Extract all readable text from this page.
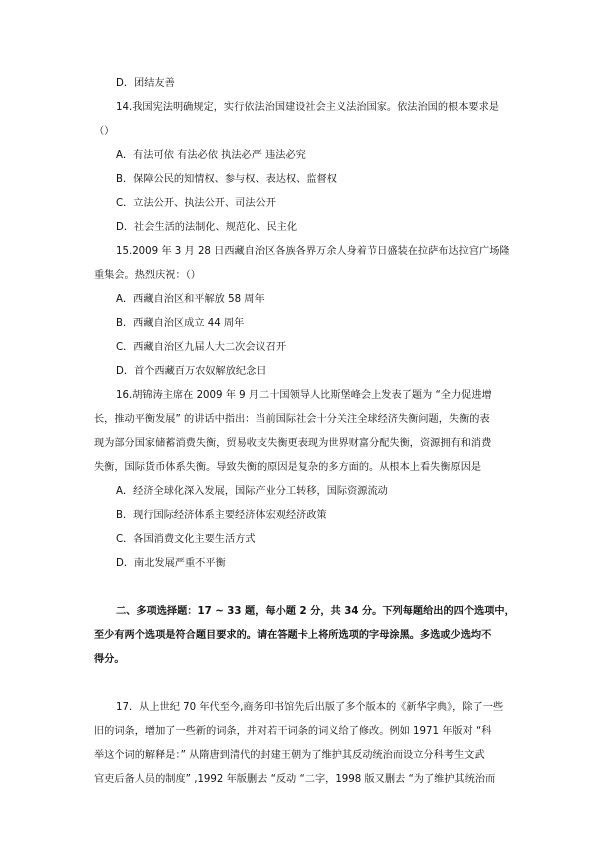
D．团结友善
14.我国宪法明确规定，实行依法治国建设社会主义法治国家。依法治国的根本要求是
（）
A．有法可依 有法必依 执法必严 违法必究
B．保障公民的知情权、参与权、表达权、监督权
C．立法公开、执法公开、司法公开
D．社会生活的法制化、规范化、民主化
15.2009 年 3 月 28 日西藏自治区各族各界万余人身着节日盛装在拉萨布达拉宫广场隆
重集会。热烈庆祝：（）
A．西藏自治区和平解放 58 周年
B．西藏自治区成立 44 周年
C．西藏自治区九届人大二次会议召开
D．首个西藏百万农奴解放纪念日
16.胡锦涛主席在 2009 年 9 月二十国领导人比斯堡峰会上发表了题为 “全力促进增
长，推动平衡发展” 的讲话中指出：当前国际社会十分关注全球经济失衡问题，失衡的表
现为部分国家储蓄消费失衡，贸易收支失衡更表现为世界财富分配失衡，资源拥有和消费
失衡，国际货币体系失衡。导致失衡的原因是复杂的多方面的。从根本上看失衡原因是
A．经济全球化深入发展，国际产业分工转移，国际资源流动
B．现行国际经济体系主要经济体宏观经济政策
C．各国消费文化主要生活方式
D．南北发展严重不平衡
二、多项选择题：17 ~ 33 题，每小题 2 分，共 34 分。下列每题给出的四个选项中，
至少有两个选项是符合题目要求的。请在答题卡上将所选项的字母涂黑。多选或少选均不
得分。
17．从上世纪 70 年代至今,商务印书馆先后出版了多个版本的《新华字典》，除了一些
旧的词条，增加了一些新的词条，并对若干词条的词义给了修改。例如 1971 年版对 “科
举这个词的解释是：” 从隋唐到清代的封建王朝为了维护其反动统治而设立分科考生文武
官吏后备人员的制度” ,1992 年版删去 “反动 “二字，1998 版又删去 “为了维护其统治而
